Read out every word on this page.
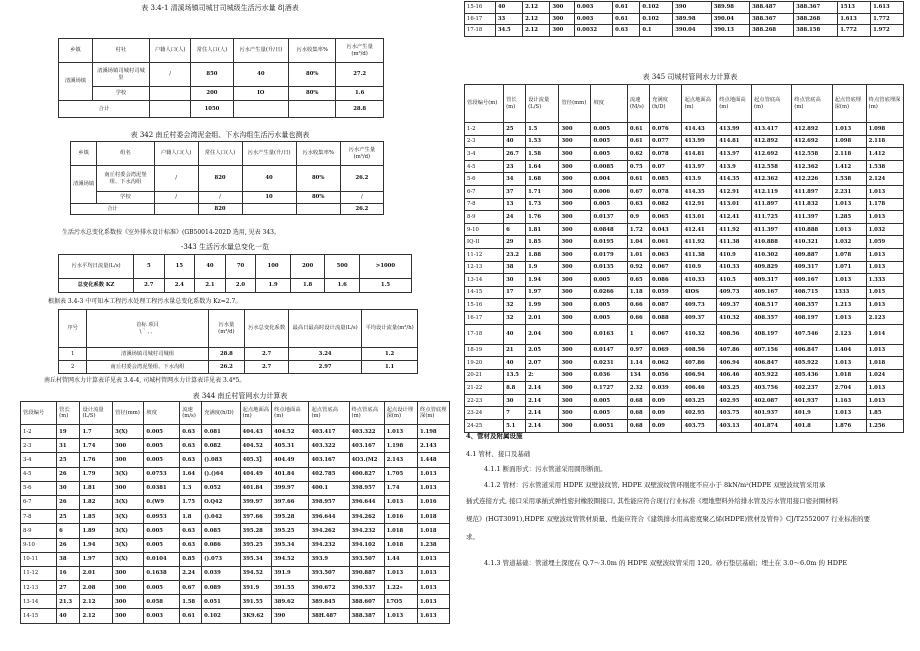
表 3.4-1 清溪场镇司城甘司城级生活污水量 8|酒表
乡镇	村社	户籍人口(人)	常住人口(人)	污水产生量(升/日)	污水收集率%	污水产生量(m³/d)
清溪场镇	清溪场镇司城村司城里	/	850	40	80%	27.2
	学校		200	IO	80%	1.6
合计			1050			28.8
表 342 南丘村委会湾泥金组、下水沟组生活污水量也测表
乡镇	组名	户籍人口(人)	常住人口(人)	污水产生量(升/日)	污水收集率%	污水产生量(m³/d)
清溪场镇	南丘村委会湾泥堡组、下水沟组	/	820	40	80%	26.2
	学校	/	/	10	80%	/
合计			820			26.2
生活污水总变化系数按《室外排水设计标准》(GB50014-202D 选用, 见表 343。
-343 生活污水量总变化一览
污水平均日流量(L/s)	5	15	40	70	100	200	500	>1000
总变化系数 KZ	2.7	2.4	2.1	2.0	1.9	1.8	1.6	1.5
根据表 3.4-3 中可知本工程污水处理工程污水量总变化系数为 Kz=2.7。
序号	首标 项目
\ ` 、、	污水量(m³/d)	污水总变化系数	最高日最高时设计流量(L/s)	平均设计流量(m³/h)
1	清溪场镇司城村司城组	28.8	2.7	3.24	1.2
2	南丘村委会湾泥堡组、下水沟组	26.2	2.7	2.97	1.1
南丘村管网水力计算表详见表 3.4-4, 司城村管网水力计算表详见表 3.4*5。
表 344 南丘村管网水力计算表
管段编号	管长(m)	设计流量(L/S)	管径(mm)	坡度	流速(m/s)	充满度(h/D)	起点地面高(m)	终点地面高(m)	起点管底高(m)	终点管底高(m)	起点设计埋深(m)	终点管底埋深(m)
1-2	19	1.7	3(X)	0.005	0.63	0.081	404.43	404.52	403.417	403.322	1.013	1.198
2-3	31	1.74	300	0.005	0.63	0.082	404.52	405.31	403.322	403.167	1.198	2.143
3-4	25	1.76	300	0.005	0.63	().083	405.3】	404.49	403.167	4O3.(M2	2.143	1.448
4-5	26	1.79	3(X)	0.0753	1.64	().()64	404.49	401.84	402.785	400.827	1.705	1.013
5-6	30	1.81	300	0.0381	1.3	0.052	401.84	399.97	400.1	398.957	1.74	1.013
6-7	26	1.82	3(X)	0.(W9	1.75	O.Q42	399.97	397.66	398.957	396.644	1.013	1.016
7-8	25	1.85	3(X)	0.0953	1.8	().042	397.66	395.28	396.644	394.262	1.016	1.018
8-9	6	1.89	3(X)	0.005	0.63	0.085	395.28	395.25	394.262	394.232	1.018	1.018
9-10	26	1.94	3(X)	0.005	0.63	0.086	395.25	395.34	394.232	394.102	1.018	1.238
10-11	38	1.97	3(X)	0.0104	0.85	().073	395.34	394.52	393.9	393.507	1.44	1.013
11-12	16	2.01	300	0.1638	2.24	0.039	394.52	391.9	393.507	390.887	1.013	1.013
12-13	27	2.08	300	0.005	0.67	0.089	391.9	391.55	390.672	390.537	1.22»	1.013
13-14	21.3	2.12	300	0.058	1.58	0.051	391.55	389.62	389.845	388.607	L7O5	1.013
14-15	40	2.12	300	0.003	0.61	0.102	3K9.62	390	38H.487	388.387	1.013	1.613
15-16	40	2.12	300	0.003	0.61	0.102	390	389.98	388.487	388.367	1513	1.613
16-17	33	2.12	300	0.003	0.61	0.102	389.98	390.04	388.367	388.268	1.613	1.772
17-18	34.5	2.12	300	0.0032	0.63	0.1	390.04	390.13	388.268	388.158	1.772	1.972
表 345 司城村管网水力计算表
管段编号(m)	管长(m)	设计流量(L/S)	管径(mm)	坡度	流速(M/s)	充满度(h/D)	起点地面高(m)	终点地面高(m)	起点管底高(m)	终点管底高(m)	起点管底埋深(m)	终点管底埋深(m)
1-2	25	1.5	300	0.005	0.61	0.076	414.43	413.99	413.417	412.892	1.013	1.098
2-3	40	1.53	300	0.005	0.61	0.077	413.99	414.81	412.892	412.692	1.098	2.118
3-4	26.7	1.58	300	0.005	0.62	0.078	414.81	413.97	412.692	412.558	2.118	1.412
4-5	23	1.64	300	0.0085	0.75	0.07	413.97	413.9	412.558	412.362	1.412	1.538
5-6	34	1.68	300	0.004	0.61	0.085	413.9	414.35	412.362	412.226	1.538	2.124
6-7	37	1.71	300	0.006	0.67	0.078	414.35	412.91	412.119	411.897	2.231	1.013
7-8	13	1.73	300	0.005	0.63	0.082	412.91	413.01	411.897	411.832	1.013	1.178
8-9	24	1.76	300	0.0137	0.9	0.065	413.01	412.41	411.725	411.397	1.285	1.013
9-10	6	1.81	300	0.0848	1.72	0.043	412.41	411.92	411.397	410.888	1.013	1.032
IQ-II	29	1.85	300	0.0195	1.04	0.061	411.92	411.38	410.888	410.321	1.032	1.059
11-12	23.2	1.88	300	0.0179	1.01	0.063	411.38	410.9	410.302	409.887	1.078	1.013
12-13	38	1.9	300	0.0135	0.92	0.067	410.9	410.33	409.829	409.317	1.071	1.013
13-14	30	1.94	300	0.005	0.65	0.086	410.33	410.5	409.317	409.167	1.013	1.333
14-15	17	1.97	300	0.0266	1.18	0.059	4IOS	409.73	409.167	408.715	1333	1.015
15-16	32	1.99	300	0.005	0.66	0.087	409.73	409.37	408.517	408.357	1.213	1.013
16-17	32	2.01	300	0.005	0.66	0.088	409.37	410.32	408.357	408.197	1.013	2.123
17-18	40	2.04	300	0.0163	1	0.067	410.32	408.56	408.197	407.546	2.123	1.014
18-19	21	2.05	300	0.0147	0.97	0.069	408.56	407.86	407.156	406.847	1.404	1.013
19-20	40	2.07	300	0.0231	1.14	0.062	407.86	406.94	406.847	405.922	1.013	1.018
20-21	13.5	2:	300	0.036	134	0.056	406.94	406.46	405.922	405.436	1.018	1.024
21-22	8.8	2.14	300	0.1727	2.32	0.039	406.46	403.25	403.756	402.237	2.704	1.013
22-23	30	2.14	300	0.005	0.68	0.09	403.25	402.95	402.087	401.937	1.163	1.013
23-24	7	2.14	300	0.005	0.68	0.09	402.95	403.75	401.937	401.9	1.013	1.85
24-25	5.1	2.14	300	0.0051	0.68	0.09	403.75	403.13	401.874	401.8	1.876	1.256
4、管材及附属设施
4.1 管材、接口及基础
4.1.1 断面形式：污水管道采用圆形断面。
4.1.2 管材：污水管道采用 HDPE 双壁波纹管, HDPE 双壁波纹管环刚度不应小于 8kN/m²(HDPE 双壁波纹管采用承
插式连接方式, 接口采用承插式弹性密封橡胶圈接口, 其性能应符合现行行业标准《埋地塑料外给排水管及污水管用接口密封圈材料
规范》(HGT3091),HDPE 双壁波纹管管材质量、性能应符合《建筑排水用高密度聚乙烯(HDPE)管材及管件》CJ/T2552007 行业标准的要
求。
4.1.3 管道基础：管道埋土深度在 Q.7～3.0m 的 HDPE 双壁波纹管采用 120。砂石垫层基础；埋土在 3.0～6.0m 的 HDPE
